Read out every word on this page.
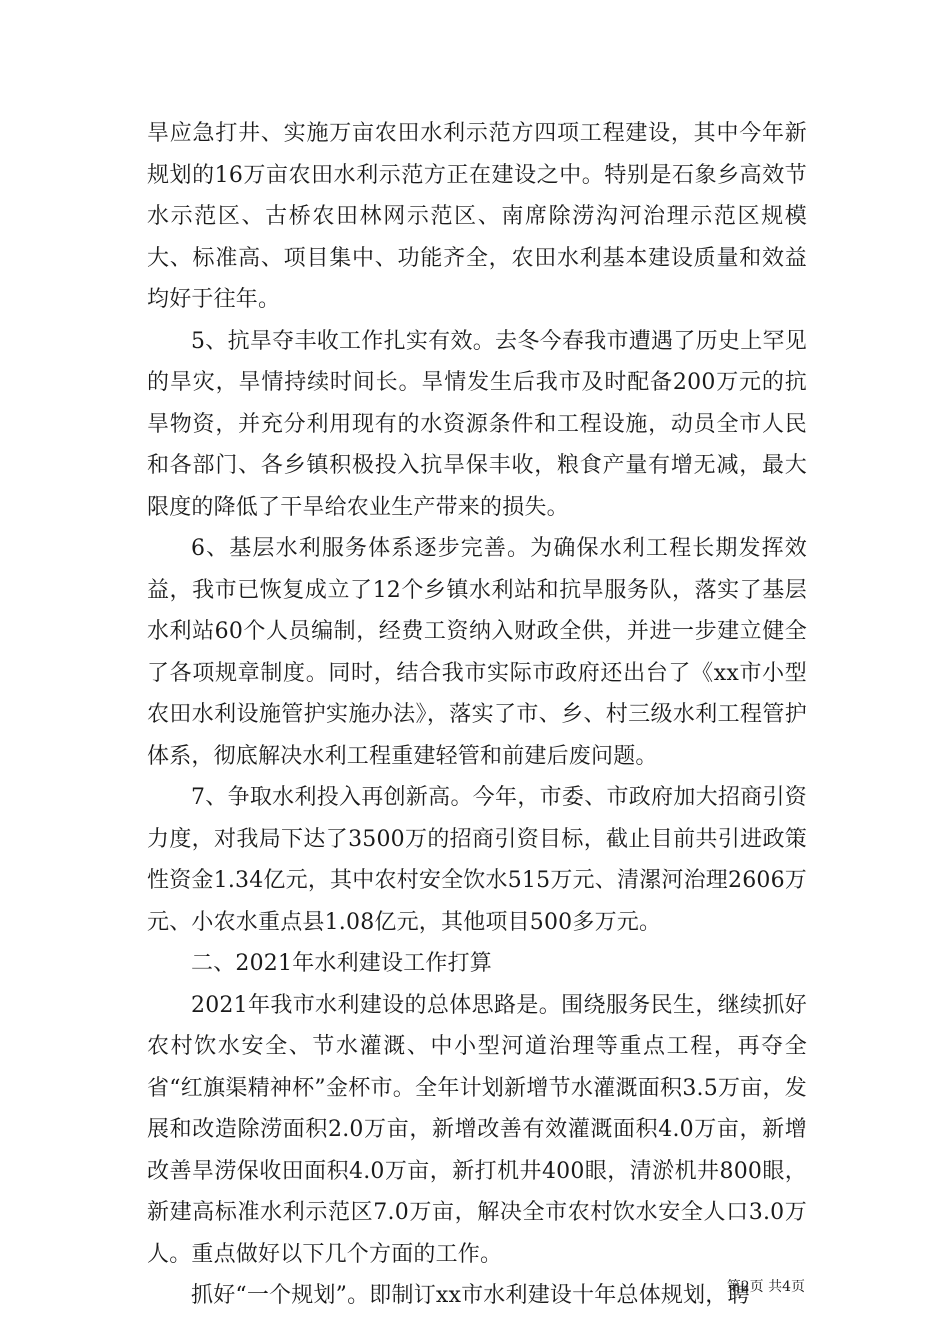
旱应急打井、实施万亩农田水利示范方四项工程建设，其中今年新规划的16万亩农田水利示范方正在建设之中。特别是石象乡高效节水示范区、古桥农田林网示范区、南席除涝沟河治理示范区规模大、标准高、项目集中、功能齐全，农田水利基本建设质量和效益均好于往年。

5、抗旱夺丰收工作扎实有效。去冬今春我市遭遇了历史上罕见的旱灾，旱情持续时间长。旱情发生后我市及时配备200万元的抗旱物资，并充分利用现有的水资源条件和工程设施，动员全市人民和各部门、各乡镇积极投入抗旱保丰收，粮食产量有增无减，最大限度的降低了干旱给农业生产带来的损失。

6、基层水利服务体系逐步完善。为确保水利工程长期发挥效益，我市已恢复成立了12个乡镇水利站和抗旱服务队，落实了基层水利站60个人员编制，经费工资纳入财政全供，并进一步建立健全了各项规章制度。同时，结合我市实际市政府还出台了《xx市小型农田水利设施管护实施办法》，落实了市、乡、村三级水利工程管护体系，彻底解决水利工程重建轻管和前建后废问题。

7、争取水利投入再创新高。今年，市委、市政府加大招商引资力度，对我局下达了3500万的招商引资目标，截止目前共引进政策性资金1.34亿元，其中农村安全饮水515万元、清漯河治理2606万元、小农水重点县1.08亿元，其他项目500多万元。

二、2021年水利建设工作打算

2021年我市水利建设的总体思路是。围绕服务民生，继续抓好农村饮水安全、节水灌溉、中小型河道治理等重点工程，再夺全省“红旗渠精神杯”金杯市。全年计划新增节水灌溉面积3.5万亩，发展和改造除涝面积2.0万亩，新增改善有效灌溉面积4.0万亩，新增改善旱涝保收田面积4.0万亩，新打机井400眼，清淤机井800眼，新建高标准水利示范区7.0万亩，解决全市农村饮水安全人口3.0万人。重点做好以下几个方面的工作。

抓好“一个规划”。即制订xx市水利建设十年总体规划，聘

第2页 共4页
